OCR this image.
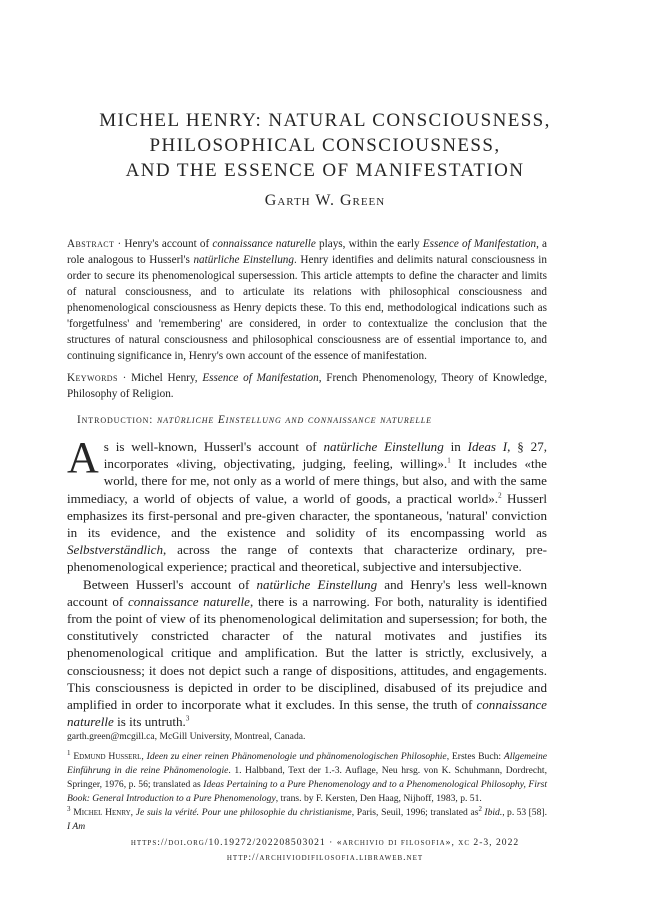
MICHEL HENRY: NATURAL CONSCIOUSNESS,
PHILOSOPHICAL CONSCIOUSNESS,
AND THE ESSENCE OF MANIFESTATION
Garth W. Green
Abstract · Henry's account of connaissance naturelle plays, within the early Essence of Manifestation, a role analogous to Husserl's natürliche Einstellung. Henry identifies and delimits natural consciousness in order to secure its phenomenological supersession. This article attempts to define the character and limits of natural consciousness, and to articulate its relations with philosophical consciousness and phenomenological consciousness as Henry depicts these. To this end, methodological indications such as 'forgetfulness' and 'remembering' are considered, in order to contextualize the conclusion that the structures of natural consciousness and philosophical consciousness are of essential importance to, and continuing significance in, Henry's own account of the essence of manifestation.
Keywords · Michel Henry, Essence of Manifestation, French Phenomenology, Theory of Knowledge, Philosophy of Religion.
Introduction: natürliche Einstellung and connaissance naturelle

As is well-known, Husserl's account of natürliche Einstellung in Ideas I, § 27, incorporates «living, objectivating, judging, feeling, willing».$^1$ It includes «the world, there for me, not only as a world of mere things, but also, and with the same immediacy, a world of objects of value, a world of goods, a practical world».$^2$ Husserl emphasizes its first-personal and pre-given character, the spontaneous, 'natural' conviction in its evidence, and the existence and solidity of its encompassing world as Selbstverständlich, across the range of contexts that characterize ordinary, pre-phenomenological experience; practical and theoretical, subjective and intersubjective.

Between Husserl's account of natürliche Einstellung and Henry's less well-known account of connaissance naturelle, there is a narrowing. For both, naturality is identified from the point of view of its phenomenological delimitation and supersession; for both, the constitutively constricted character of the natural motivates and justifies its phenomenological critique and amplification. But the latter is strictly, exclusively, a consciousness; it does not depict such a range of dispositions, attitudes, and engagements. This consciousness is depicted in order to be disciplined, disabused of its prejudice and amplified in order to incorporate what it excludes. In this sense, the truth of connaissance naturelle is its untruth.$^3$

garth.green@mcgill.ca, McGill University, Montreal, Canada.
$^1$ Edmund Husserl, Ideen zu einer reinen Phänomenologie und phänomenologischen Philosophie, Erstes Buch: Allgemeine Einführung in die reine Phänomenologie. 1. Halbband, Text der 1.-3. Auflage, Neu hrsg. von K. Schuhmann, Dordrecht, Springer, 1976, p. 56; translated as Ideas Pertaining to a Pure Phenomenology and to a Phenomenological Philosophy, First Book: General Introduction to a Pure Phenomenology, trans. by F. Kersten, Den Haag, Nijhoff, 1983, p. 51.
$^2$ Ibid., p. 53 [58].
$^3$ Michel Henry, Je suis la vérité. Pour une philosophie du christianisme, Paris, Seuil, 1996; translated as I Am
https://doi.org/10.19272/202208503021 · «archivio di filosofia», xc 2-3, 2022
http://archiviodifilosofia.libraweb.net
